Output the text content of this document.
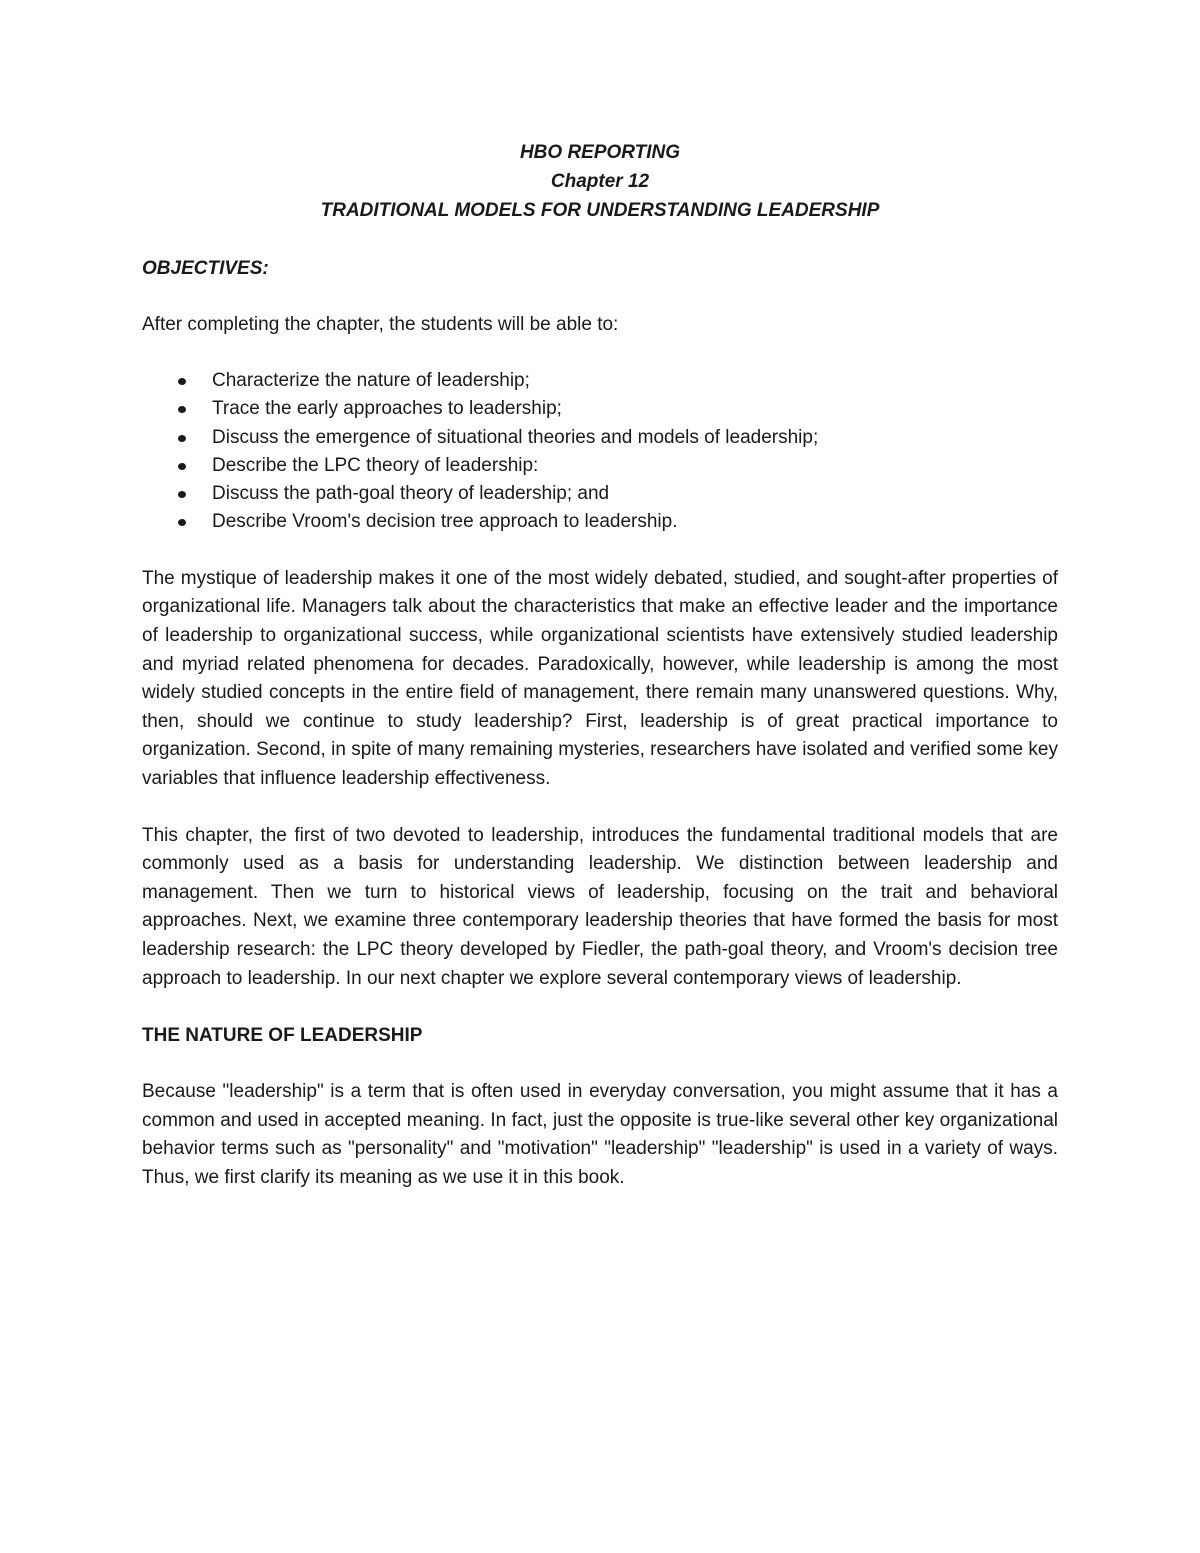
HBO REPORTING
Chapter 12
TRADITIONAL MODELS FOR UNDERSTANDING LEADERSHIP
OBJECTIVES:
After completing the chapter, the students will be able to:
Characterize the nature of leadership;
Trace the early approaches to leadership;
Discuss the emergence of situational theories and models of leadership;
Describe the LPC theory of leadership:
Discuss the path-goal theory of leadership; and
Describe Vroom's decision tree approach to leadership.

The mystique of leadership makes it one of the most widely debated, studied, and sought-after properties of organizational life. Managers talk about the characteristics that make an effective leader and the importance of leadership to organizational success, while organizational scientists have extensively studied leadership and myriad related phenomena for decades. Paradoxically, however, while leadership is among the most widely studied concepts in the entire field of management, there remain many unanswered questions. Why, then, should we continue to study leadership? First, leadership is of great practical importance to organization. Second, in spite of many remaining mysteries, researchers have isolated and verified some key variables that influence leadership effectiveness.

This chapter, the first of two devoted to leadership, introduces the fundamental traditional models that are commonly used as a basis for understanding leadership. We distinction between leadership and management. Then we turn to historical views of leadership, focusing on the trait and behavioral approaches. Next, we examine three contemporary leadership theories that have formed the basis for most leadership research: the LPC theory developed by Fiedler, the path-goal theory, and Vroom's decision tree approach to leadership. In our next chapter we explore several contemporary views of leadership.

THE NATURE OF LEADERSHIP

Because "leadership" is a term that is often used in everyday conversation, you might assume that it has a common and used in accepted meaning. In fact, just the opposite is true-like several other key organizational behavior terms such as "personality" and "motivation" "leadership" "leadership" is used in a variety of ways. Thus, we first clarify its meaning as we use it in this book.
